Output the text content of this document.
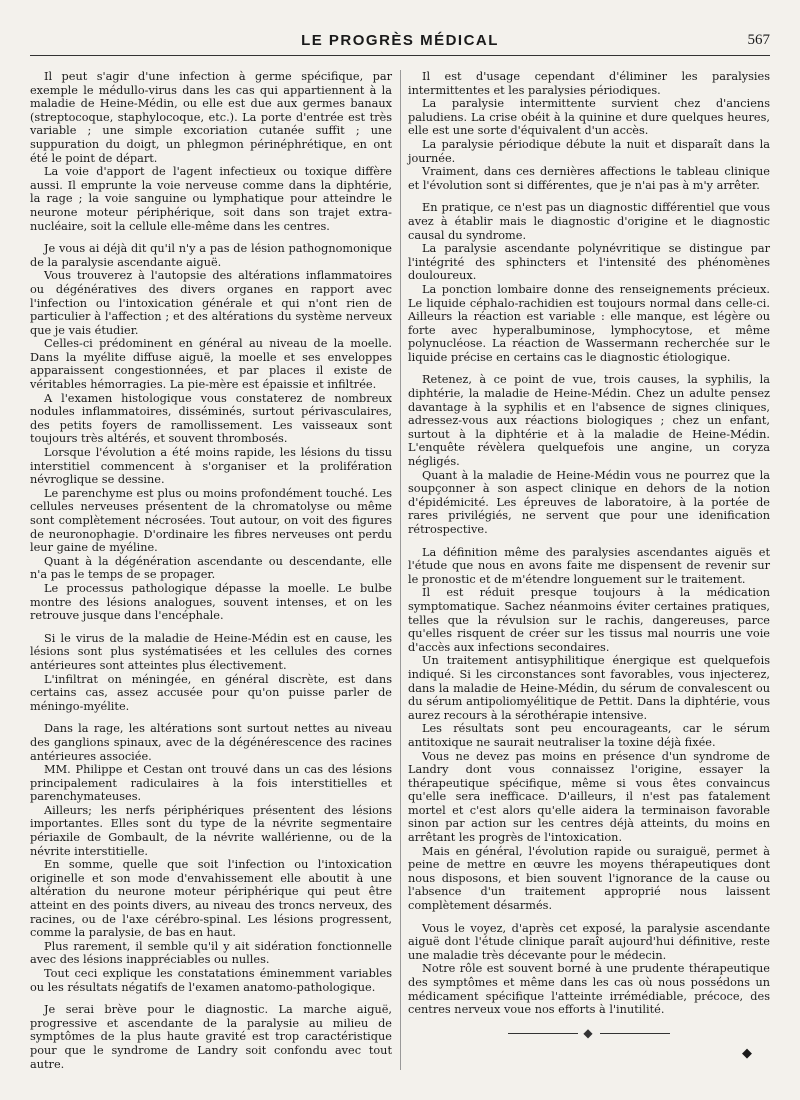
LE PROGRÈS MÉDICAL	567

Il peut s'agir d'une infection à germe spécifique, par exemple le médullo-virus dans les cas qui appartiennent à la maladie de Heine-Médin, ou elle est due aux germes banaux (streptocoque, staphylocoque, etc.). La porte d'entrée est très variable ; une simple excoriation cutanée suffit ; une suppuration du doigt, un phlegmon périnéphrétique, en ont été le point de départ.

La voie d'apport de l'agent infectieux ou toxique diffère aussi. Il emprunte la voie nerveuse comme dans la diphtérie, la rage ; la voie sanguine ou lymphatique pour atteindre le neurone moteur périphérique, soit dans son trajet extra-nucléaire, soit la cellule elle-même dans les centres.

Je vous ai déjà dit qu'il n'y a pas de lésion pathognomonique de la paralysie ascendante aiguë.

Vous trouverez à l'autopsie des altérations inflammatoires ou dégénératives des divers organes en rapport avec l'infection ou l'intoxication générale et qui n'ont rien de particulier à l'affection ; et des altérations du système nerveux que je vais étudier.

Celles-ci prédominent en général au niveau de la moelle. Dans la myélite diffuse aiguë, la moelle et ses enveloppes apparaissent congestionnées, et par places il existe de véritables hémorragies. La pie-mère est épaissie et infiltrée.

A l'examen histologique vous constaterez de nombreux nodules inflammatoires, disséminés, surtout périvasculaires, des petits foyers de ramollissement. Les vaisseaux sont toujours très altérés, et souvent thrombosés.

Lorsque l'évolution a été moins rapide, les lésions du tissu interstitiel commencent à s'organiser et la prolifération névroglique se dessine.

Le parenchyme est plus ou moins profondément touché. Les cellules nerveuses présentent de la chromatolyse ou même sont complètement nécrosées. Tout autour, on voit des figures de neuronophagie. D'ordinaire les fibres nerveuses ont perdu leur gaine de myéline.

Quant à la dégénération ascendante ou descendante, elle n'a pas le temps de se propager.

Le processus pathologique dépasse la moelle. Le bulbe montre des lésions analogues, souvent intenses, et on les retrouve jusque dans l'encéphale.

Si le virus de la maladie de Heine-Médin est en cause, les lésions sont plus systématisées et les cellules des cornes antérieures sont atteintes plus électivement.

L'infiltrat on méningée, en général discrète, est dans certains cas, assez accusée pour qu'on puisse parler de méningo-myélite.

Dans la rage, les altérations sont surtout nettes au niveau des ganglions spinaux, avec de la dégénérescence des racines antérieures associée.

MM. Philippe et Cestan ont trouvé dans un cas des lésions principalement radiculaires à la fois interstitielles et parenchymateuses.

Ailleurs; les nerfs périphériques présentent des lésions importantes. Elles sont du type de la névrite segmentaire périaxile de Gombault, de la névrite wallérienne, ou de la névrite interstitielle.

En somme, quelle que soit l'infection ou l'intoxication originelle et son mode d'envahissement elle aboutit à une altération du neurone moteur périphérique qui peut être atteint en des points divers, au niveau des troncs nerveux, des racines, ou de l'axe cérébro-spinal. Les lésions progressent, comme la paralysie, de bas en haut.

Plus rarement, il semble qu'il y ait sidération fonctionnelle avec des lésions inappréciables ou nulles.

Tout ceci explique les constatations éminemment variables ou les résultats négatifs de l'examen anatomo-pathologique.

Je serai brève pour le diagnostic. La marche aiguë, progressive et ascendante de la paralysie au milieu de symptômes de la plus haute gravité est trop caractéristique pour que le syndrome de Landry soit confondu avec tout autre.

Il est d'usage cependant d'éliminer les paralysies intermittentes et les paralysies périodiques.

La paralysie intermittente survient chez d'anciens paludiens. La crise obéit à la quinine et dure quelques heures, elle est une sorte d'équivalent d'un accès.

La paralysie périodique débute la nuit et disparaît dans la journée.

Vraiment, dans ces dernières affections le tableau clinique et l'évolution sont si différentes, que je n'ai pas à m'y arrêter.

En pratique, ce n'est pas un diagnostic différentiel que vous avez à établir mais le diagnostic d'origine et le diagnostic causal du syndrome.

La paralysie ascendante polynévritique se distingue par l'intégrité des sphincters et l'intensité des phénomènes douloureux.

La ponction lombaire donne des renseignements précieux. Le liquide céphalo-rachidien est toujours normal dans celle-ci. Ailleurs la réaction est variable : elle manque, est légère ou forte avec hyperalbuminose, lymphocytose, et même polynucléose. La réaction de Wassermann recherchée sur le liquide précise en certains cas le diagnostic étiologique.

Retenez, à ce point de vue, trois causes, la syphilis, la diphtérie, la maladie de Heine-Médin. Chez un adulte pensez davantage à la syphilis et en l'absence de signes cliniques, adressez-vous aux réactions biologiques ; chez un enfant, surtout à la diphtérie et à la maladie de Heine-Médin. L'enquête révèlera quelquefois une angine, un coryza négligés.

Quant à la maladie de Heine-Médin vous ne pourrez que la soupçonner à son aspect clinique en dehors de la notion d'épidémicité. Les épreuves de laboratoire, à la portée de rares privilégiés, ne servent que pour une idenification rétrospective.

La définition même des paralysies ascendantes aiguës et l'étude que nous en avons faite me dispensent de revenir sur le pronostic et de m'étendre longuement sur le traitement.

Il est réduit presque toujours à la médication symptomatique. Sachez néanmoins éviter certaines pratiques, telles que la révulsion sur le rachis, dangereuses, parce qu'elles risquent de créer sur les tissus mal nourris une voie d'accès aux infections secondaires.

Un traitement antisyphilitique énergique est quelquefois indiqué. Si les circonstances sont favorables, vous injecterez, dans la maladie de Heine-Médin, du sérum de convalescent ou du sérum antipoliomyélitique de Pettit. Dans la diphtérie, vous aurez recours à la sérothérapie intensive.

Les résultats sont peu encourageants, car le sérum antitoxique ne saurait neutraliser la toxine déjà fixée.

Vous ne devez pas moins en présence d'un syndrome de Landry dont vous connaissez l'origine, essayer la thérapeutique spécifique, même si vous êtes convaincus qu'elle sera inefficace. D'ailleurs, il n'est pas fatalement mortel et c'est alors qu'elle aidera la terminaison favorable sinon par action sur les centres déjà atteints, du moins en arrêtant les progrès de l'intoxication.

Mais en général, l'évolution rapide ou suraiguë, permet à peine de mettre en œuvre les moyens thérapeutiques dont nous disposons, et bien souvent l'ignorance de la cause ou l'absence d'un traitement approprié nous laissent complètement désarmés.

Vous le voyez, d'après cet exposé, la paralysie ascendante aiguë dont l'étude clinique paraît aujourd'hui définitive, reste une maladie très décevante pour le médecin.

Notre rôle est souvent borné à une prudente thérapeutique des symptômes et même dans les cas où nous possédons un médicament spécifique l'atteinte irrémédiable, précoce, des centres nerveux voue nos efforts à l'inutilité.

◆
◆
